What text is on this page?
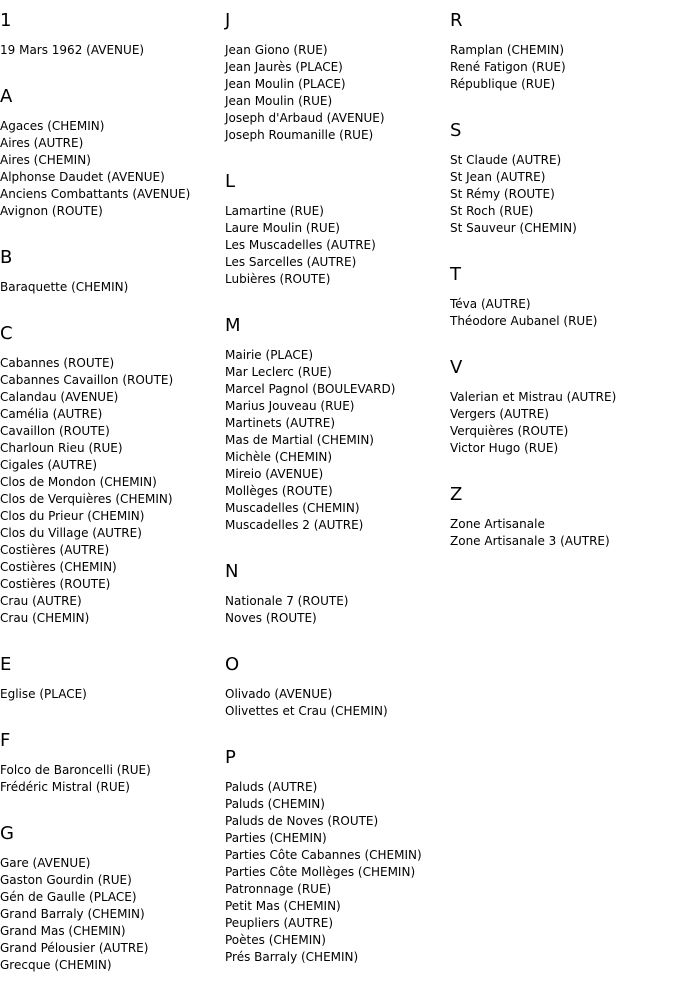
1
19 Mars 1962 (AVENUE)
A
Agaces (CHEMIN)
Aires (AUTRE)
Aires (CHEMIN)
Alphonse Daudet (AVENUE)
Anciens Combattants (AVENUE)
Avignon (ROUTE)
B
Baraquette (CHEMIN)
C
Cabannes (ROUTE)
Cabannes Cavaillon (ROUTE)
Calandau (AVENUE)
Camélia (AUTRE)
Cavaillon (ROUTE)
Charloun Rieu (RUE)
Cigales (AUTRE)
Clos de Mondon (CHEMIN)
Clos de Verquières (CHEMIN)
Clos du Prieur (CHEMIN)
Clos du Village (AUTRE)
Costières (AUTRE)
Costières (CHEMIN)
Costières (ROUTE)
Crau (AUTRE)
Crau (CHEMIN)
E
Eglise (PLACE)
F
Folco de Baroncelli (RUE)
Frédéric Mistral (RUE)
G
Gare (AVENUE)
Gaston Gourdin (RUE)
Gén de Gaulle (PLACE)
Grand Barraly (CHEMIN)
Grand Mas (CHEMIN)
Grand Pélousier (AUTRE)
Grecque (CHEMIN)
J
Jean Giono (RUE)
Jean Jaurès (PLACE)
Jean Moulin (PLACE)
Jean Moulin (RUE)
Joseph d'Arbaud (AVENUE)
Joseph Roumanille (RUE)
L
Lamartine (RUE)
Laure Moulin (RUE)
Les Muscadelles (AUTRE)
Les Sarcelles (AUTRE)
Lubières (ROUTE)
M
Mairie (PLACE)
Mar Leclerc (RUE)
Marcel Pagnol (BOULEVARD)
Marius Jouveau (RUE)
Martinets (AUTRE)
Mas de Martial (CHEMIN)
Michèle (CHEMIN)
Mireio (AVENUE)
Mollèges (ROUTE)
Muscadelles (CHEMIN)
Muscadelles 2 (AUTRE)
N
Nationale 7 (ROUTE)
Noves (ROUTE)
O
Olivado (AVENUE)
Olivettes et Crau (CHEMIN)
P
Paluds (AUTRE)
Paluds (CHEMIN)
Paluds de Noves (ROUTE)
Parties (CHEMIN)
Parties Côte Cabannes (CHEMIN)
Parties Côte Mollèges (CHEMIN)
Patronnage (RUE)
Petit Mas (CHEMIN)
Peupliers (AUTRE)
Poètes (CHEMIN)
Prés Barraly (CHEMIN)
R
Ramplan (CHEMIN)
René Fatigon (RUE)
République (RUE)
S
St Claude (AUTRE)
St Jean (AUTRE)
St Rémy (ROUTE)
St Roch (RUE)
St Sauveur (CHEMIN)
T
Téva (AUTRE)
Théodore Aubanel (RUE)
V
Valerian et Mistrau (AUTRE)
Vergers (AUTRE)
Verquières (ROUTE)
Victor Hugo (RUE)
Z
Zone Artisanale
Zone Artisanale 3 (AUTRE)
